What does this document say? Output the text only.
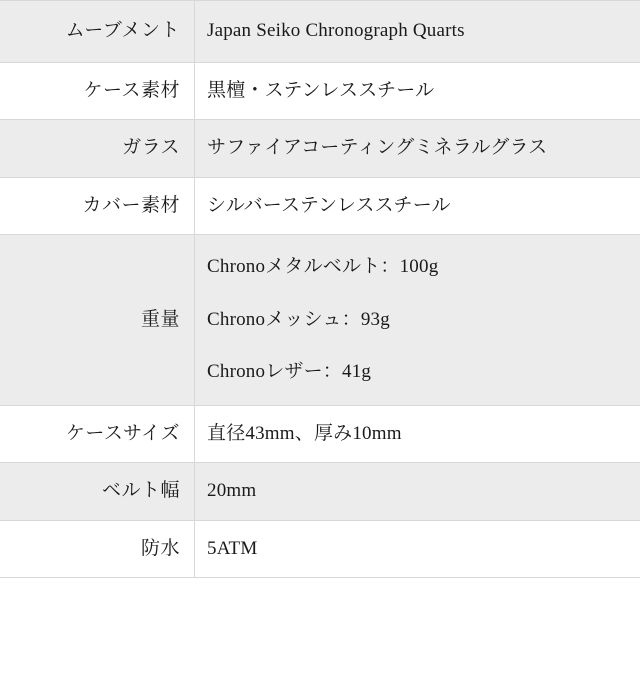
ムーブメント	Japan Seiko Chronograph Quarts

ケース素材	黒檀・ステンレススチール

ガラス	サファイアコーティングミネラルグラス

カバー素材	シルバーステンレススチール

重量	Chronoメタルベルト：100g
Chronoメッシュ：93g
Chronoレザー：41g

ケースサイズ	直径43mm、厚み10mm

ベルト幅	20mm

防水	5ATM
